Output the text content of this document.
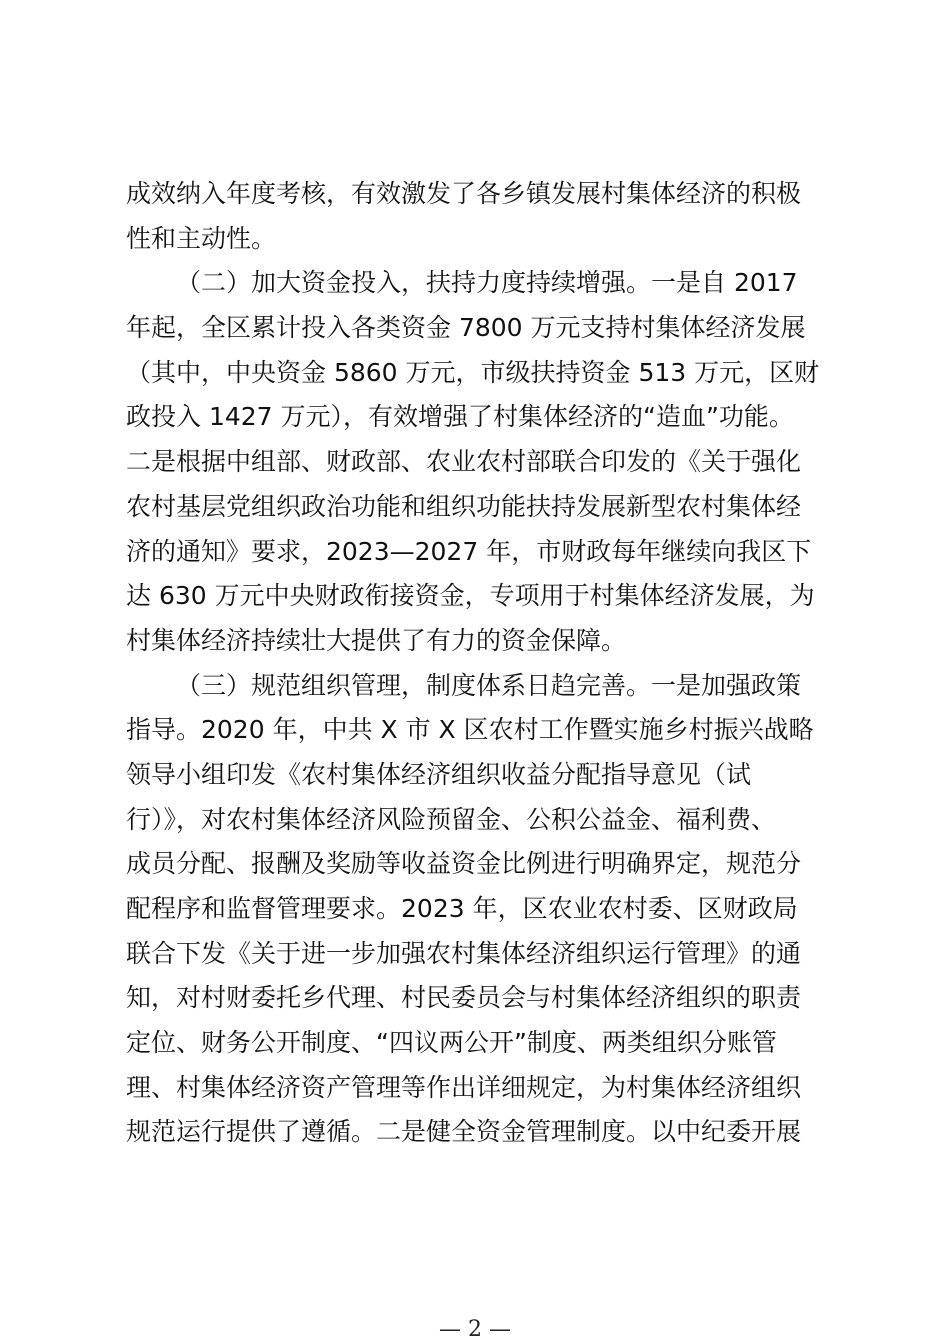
成效纳入年度考核，有效激发了各乡镇发展村集体经济的积极
性和主动性。
（二）加大资金投入，扶持力度持续增强。一是自 2017
年起，全区累计投入各类资金 7800 万元支持村集体经济发展
（其中，中央资金 5860 万元，市级扶持资金 513 万元，区财
政投入 1427 万元），有效增强了村集体经济的“造血”功能。
二是根据中组部、财政部、农业农村部联合印发的《关于强化
农村基层党组织政治功能和组织功能扶持发展新型农村集体经
济的通知》要求，2023—2027 年，市财政每年继续向我区下
达 630 万元中央财政衔接资金，专项用于村集体经济发展，为
村集体经济持续壮大提供了有力的资金保障。
（三）规范组织管理，制度体系日趋完善。一是加强政策
指导。2020 年，中共 X 市 X 区农村工作暨实施乡村振兴战略
领导小组印发《农村集体经济组织收益分配指导意见（试
行）》，对农村集体经济风险预留金、公积公益金、福利费、
成员分配、报酬及奖励等收益资金比例进行明确界定，规范分
配程序和监督管理要求。2023 年，区农业农村委、区财政局
联合下发《关于进一步加强农村集体经济组织运行管理》的通
知，对村财委托乡代理、村民委员会与村集体经济组织的职责
定位、财务公开制度、“四议两公开”制度、两类组织分账管
理、村集体经济资产管理等作出详细规定，为村集体经济组织
规范运行提供了遵循。二是健全资金管理制度。以中纪委开展
— 2 —
